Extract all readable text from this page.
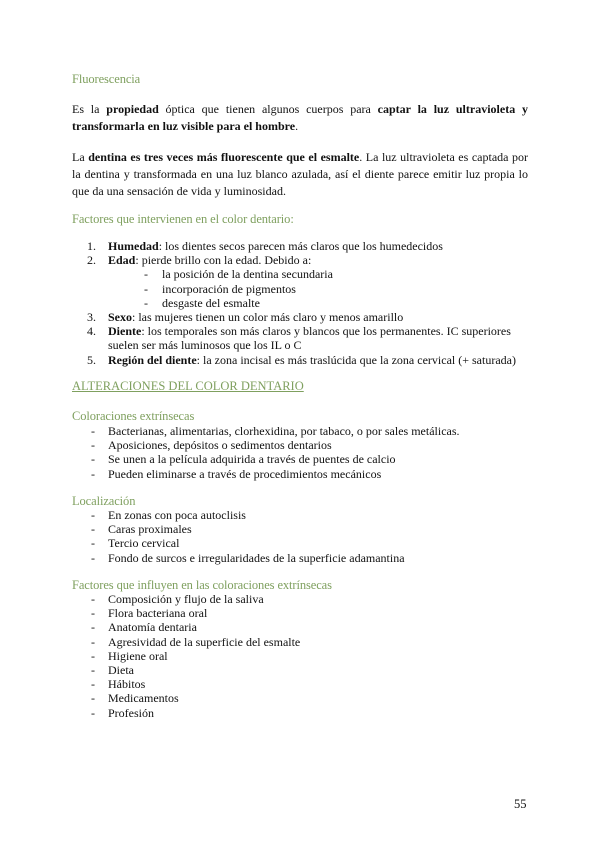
Fluorescencia
Es la propiedad óptica que tienen algunos cuerpos para captar la luz ultravioleta y transformarla en luz visible para el hombre.
La dentina es tres veces más fluorescente que el esmalte. La luz ultravioleta es captada por la dentina y transformada en una luz blanco azulada, así el diente parece emitir luz propia lo que da una sensación de vida y luminosidad.
Factores que intervienen en el color dentario:
1. Humedad: los dientes secos parecen más claros que los humedecidos
2. Edad: pierde brillo con la edad. Debido a:
- la posición de la dentina secundaria
- incorporación de pigmentos
- desgaste del esmalte
3. Sexo: las mujeres tienen un color más claro y menos amarillo
4. Diente: los temporales son más claros y blancos que los permanentes. IC superiores suelen ser más luminosos que los IL o C
5. Región del diente: la zona incisal es más traslúcida que la zona cervical (+ saturada)
ALTERACIONES DEL COLOR DENTARIO
Coloraciones extrínsecas
- Bacterianas, alimentarias, clorhexidina, por tabaco, o por sales metálicas.
- Aposiciones, depósitos o sedimentos dentarios
- Se unen a la película adquirida a través de puentes de calcio
- Pueden eliminarse a través de procedimientos mecánicos
Localización
- En zonas con poca autoclisis
- Caras proximales
- Tercio cervical
- Fondo de surcos e irregularidades de la superficie adamantina
Factores que influyen en las coloraciones extrínsecas
- Composición y flujo de la saliva
- Flora bacteriana oral
- Anatomía dentaria
- Agresividad de la superficie del esmalte
- Higiene oral
- Dieta
- Hábitos
- Medicamentos
- Profesión
55
